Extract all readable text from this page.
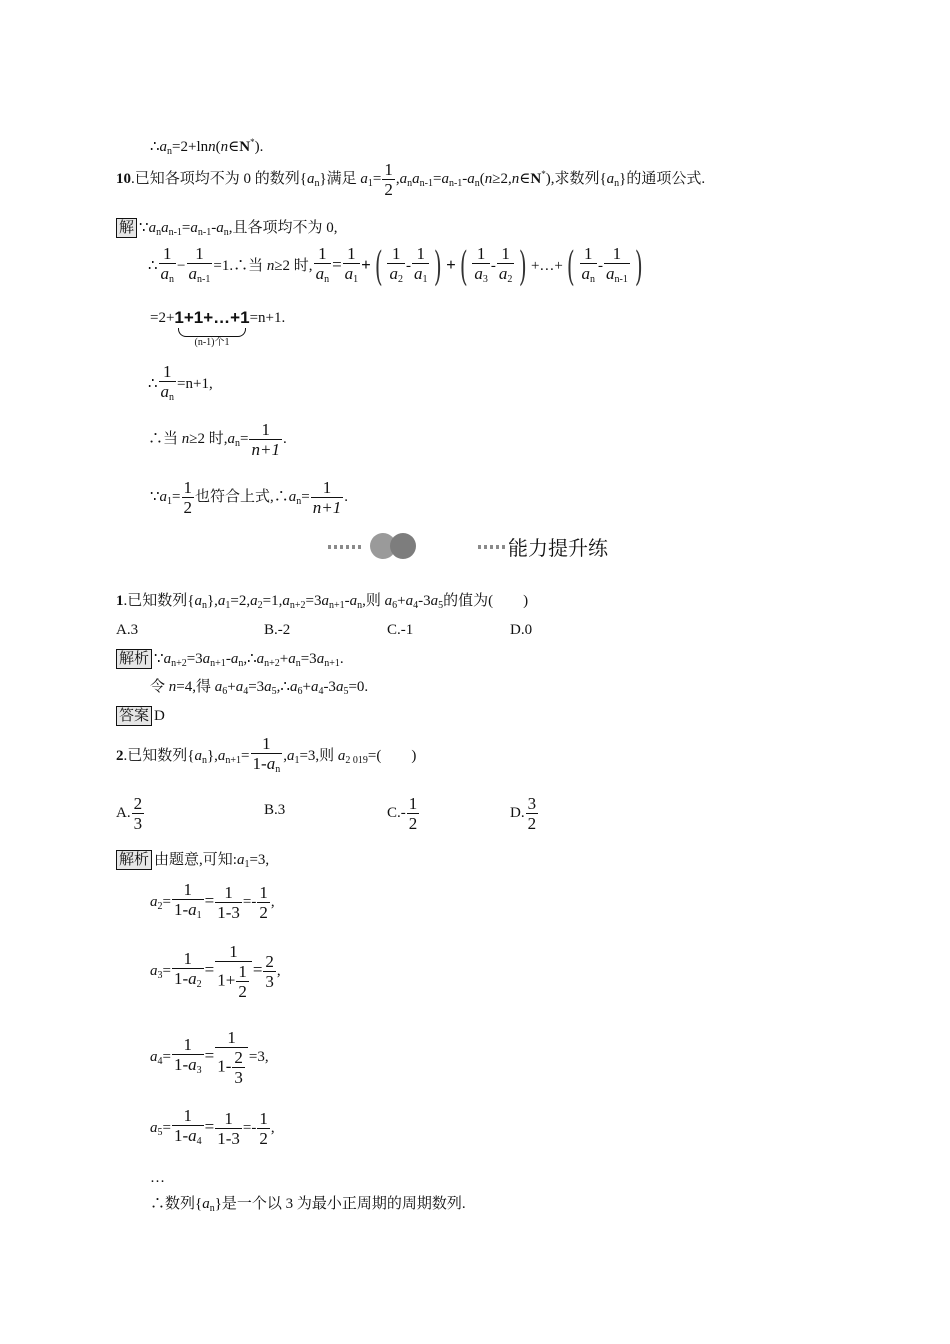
$\therefore a_n=2+\ln n(n\in N^*)$.
10.已知各项均不为 0 的数列$\{a_n\}$满足 $a_1= \frac{1}{2}$ $,a_na_{n-1}=a_{n-1}-a_n(n\ge 2,n\in N^*)$,求数列$\{a_n\}$的通项公式.
解 $\because a_na_{n-1}=a_{n-1}-a_n$,且各项均不为 0,
∴ $\frac{1}{a_n} - \frac{1}{a_{n-1}}$ =1.∴当 n≥2 时, $\frac{1}{a_n} = \frac{1}{a_1}$ +( $\frac{1}{a_2} - \frac{1}{a_1}$ ) +( $\frac{1}{a_3} - \frac{1}{a_2}$ ) +…+( $\frac{1}{a_n} - \frac{1}{a_{n-1}}$ )
=2+ 1+1+…+1
(n-1)个1
=n+1.
∴ $\frac{1}{a_n} =n+1$,
∴当 n≥2 时$,a_n= \frac{1}{n+1}$ .
$\because a_1= \frac{1}{2}$ 也符合上式$,\therefore a_n= \frac{1}{n+1}$ .
能力提升练
1.已知数列$\{a_n\},a_1=2,a_2=1,a_{n+2}=3a_{n+1}-a_n$,则 $a_6+a_4-3a_5$的值为( )
A.3	B.-2	C.-1	D.0
解析 $\because a_{n+2}=3a_{n+1}-a_n,\therefore a_{n+2}+a_n=3a_{n+1}$.
令 n=4,得 $a_6+a_4=3a_5,\therefore a_6+a_4-3a_5=0$.
答案 D
2.已知数列$\{a_n\},a_{n+1}= \frac{1}{1-a_n} ,a_1=3$,则 $a_{2 019}=$( )
A. $\frac{2}{3}$	B.3	$C.- \frac{1}{2}$	D. $\frac{3}{2}$
解析 由题意,可知$:a_1=3$,
$a_2= \frac{1}{1-a_1} = \frac{1}{1-3} =- \frac{1}{2}$ ,
$a_3= \frac{1}{1-a_2} = \frac{1}{1+ \frac{1}{2}} = \frac{2}{3}$ ,
$a_4= \frac{1}{1-a_3} = \frac{1}{1- \frac{2}{3}} =3$,
$a_5= \frac{1}{1-a_4} = \frac{1}{1-3} =- \frac{1}{2}$ ,
…
∴数列$\{a_n\}$是一个以 3 为最小正周期的周期数列.
